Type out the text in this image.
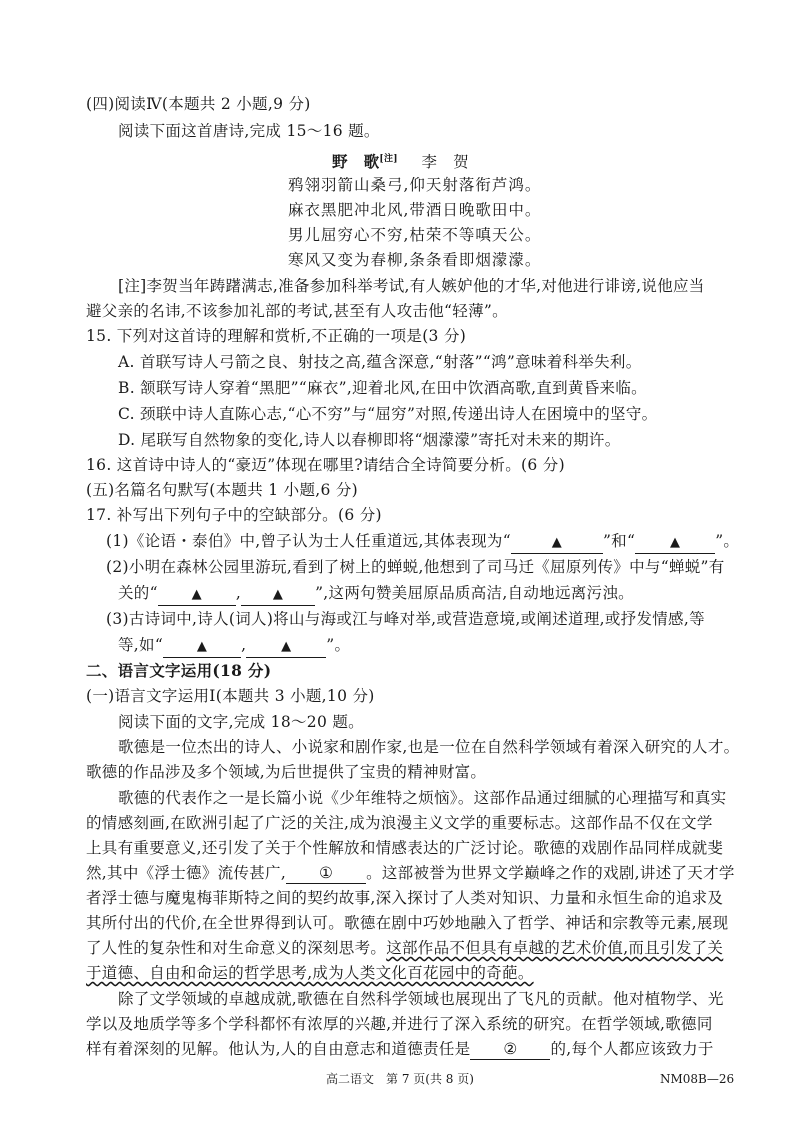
(四)阅读Ⅳ(本题共 2 小题,9 分)
阅读下面这首唐诗,完成 15～16 题。
野　歌[注] 李　贺
鸦翎羽箭山桑弓,仰天射落衔芦鸿。
麻衣黑肥冲北风,带酒日晚歌田中。
男儿屈穷心不穷,枯荣不等嗔天公。
寒风又变为春柳,条条看即烟濛濛。
[注]李贺当年踌躇满志,准备参加科举考试,有人嫉妒他的才华,对他进行诽谤,说他应当
避父亲的名讳,不该参加礼部的考试,甚至有人攻击他“轻薄”。
15. 下列对这首诗的理解和赏析,不正确的一项是(3 分)
A. 首联写诗人弓箭之良、射技之高,蕴含深意,“射落”“鸿”意味着科举失利。
B. 颔联写诗人穿着“黑肥”“麻衣”,迎着北风,在田中饮酒高歌,直到黄昏来临。
C. 颈联中诗人直陈心志,“心不穷”与“屈穷”对照,传递出诗人在困境中的坚守。
D. 尾联写自然物象的变化,诗人以春柳即将“烟濛濛”寄托对未来的期许。
16. 这首诗中诗人的“豪迈”体现在哪里?请结合全诗简要分析。(6 分)
(五)名篇名句默写(本题共 1 小题,6 分)
17. 补写出下列句子中的空缺部分。(6 分)
(1)《论语・泰伯》中,曾子认为士人任重道远,其体表现为“	▲	”和“	▲ ”。
(2)小明在森林公园里游玩,看到了树上的蝉蜕,他想到了司马迁《屈原列传》中与“蝉蜕”有
关的“	▲ , ▲ ”,这两句赞美屈原品质高洁,自动地远离污浊。
(3)古诗词中,诗人(词人)将山与海或江与峰对举,或营造意境,或阐述道理,或抒发情感,等
等,如“	▲ ,	▲ ”。
二、语言文字运用(18 分)
(一)语言文字运用Ⅰ(本题共 3 小题,10 分)
阅读下面的文字,完成 18～20 题。
歌德是一位杰出的诗人、小说家和剧作家,也是一位在自然科学领域有着深入研究的人才。
歌德的作品涉及多个领域,为后世提供了宝贵的精神财富。
歌德的代表作之一是长篇小说《少年维特之烦恼》。这部作品通过细腻的心理描写和真实
的情感刻画,在欧洲引起了广泛的关注,成为浪漫主义文学的重要标志。这部作品不仅在文学
上具有重要意义,还引发了关于个性解放和情感表达的广泛讨论。歌德的戏剧作品同样成就斐
然,其中《浮士德》流传甚广, ① 。这部被誉为世界文学巅峰之作的戏剧,讲述了天才学
者浮士德与魔鬼梅菲斯特之间的契约故事,深入探讨了人类对知识、力量和永恒生命的追求及
其所付出的代价,在全世界得到认可。歌德在剧中巧妙地融入了哲学、神话和宗教等元素,展现
了人性的复杂性和对生命意义的深刻思考。这部作品不但具有卓越的艺术价值,而且引发了关
于道德、自由和命运的哲学思考,成为人类文化百花园中的奇葩。
除了文学领域的卓越成就,歌德在自然科学领域也展现出了飞凡的贡献。他对植物学、光
学以及地质学等多个学科都怀有浓厚的兴趣,并进行了深入系统的研究。在哲学领域,歌德同
样有着深刻的见解。他认为,人的自由意志和道德责任是 ② 的,每个人都应该致力于
高二语文　第 7 页(共 8 页)	NM08B—26
